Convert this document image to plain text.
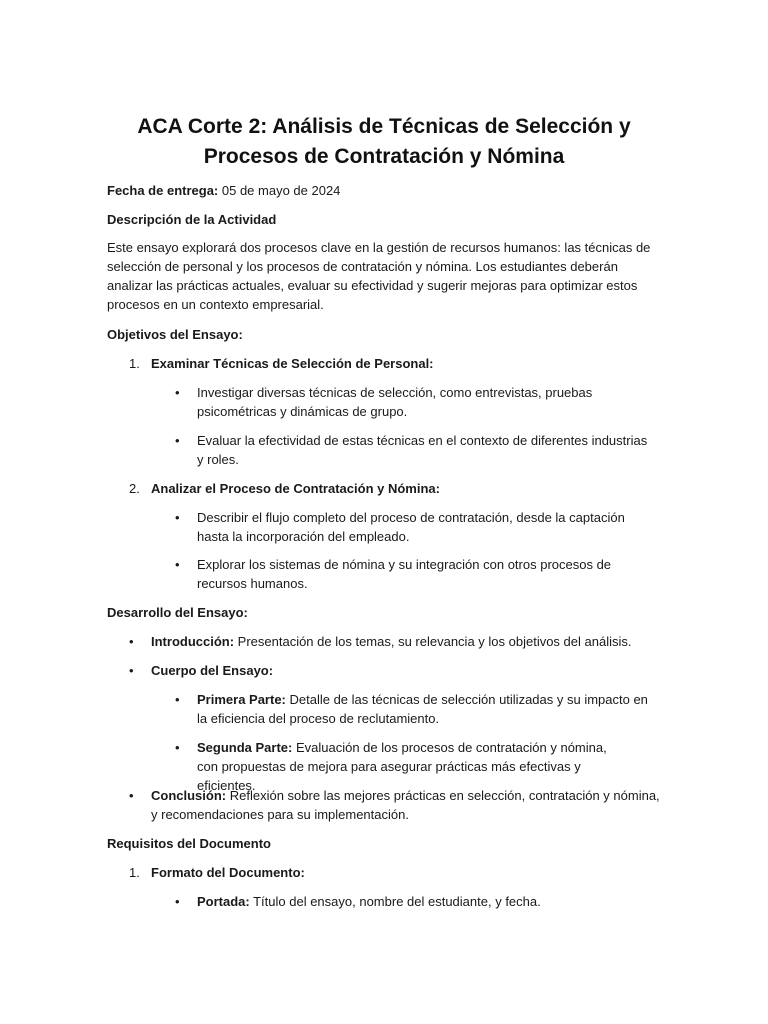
ACA Corte 2: Análisis de Técnicas de Selección y Procesos de Contratación y Nómina
Fecha de entrega: 05 de mayo de 2024
Descripción de la Actividad
Este ensayo explorará dos procesos clave en la gestión de recursos humanos: las técnicas de selección de personal y los procesos de contratación y nómina. Los estudiantes deberán analizar las prácticas actuales, evaluar su efectividad y sugerir mejoras para optimizar estos procesos en un contexto empresarial.
Objetivos del Ensayo:
1. Examinar Técnicas de Selección de Personal:
• Investigar diversas técnicas de selección, como entrevistas, pruebas psicométricas y dinámicas de grupo.
• Evaluar la efectividad de estas técnicas en el contexto de diferentes industrias y roles.
2. Analizar el Proceso de Contratación y Nómina:
• Describir el flujo completo del proceso de contratación, desde la captación hasta la incorporación del empleado.
• Explorar los sistemas de nómina y su integración con otros procesos de recursos humanos.
Desarrollo del Ensayo:
• Introducción: Presentación de los temas, su relevancia y los objetivos del análisis.
• Cuerpo del Ensayo:
• Primera Parte: Detalle de las técnicas de selección utilizadas y su impacto en la eficiencia del proceso de reclutamiento.
• Segunda Parte: Evaluación de los procesos de contratación y nómina, con propuestas de mejora para asegurar prácticas más efectivas y eficientes.
• Conclusión: Reflexión sobre las mejores prácticas en selección, contratación y nómina, y recomendaciones para su implementación.
Requisitos del Documento
1. Formato del Documento:
• Portada: Título del ensayo, nombre del estudiante, y fecha.
